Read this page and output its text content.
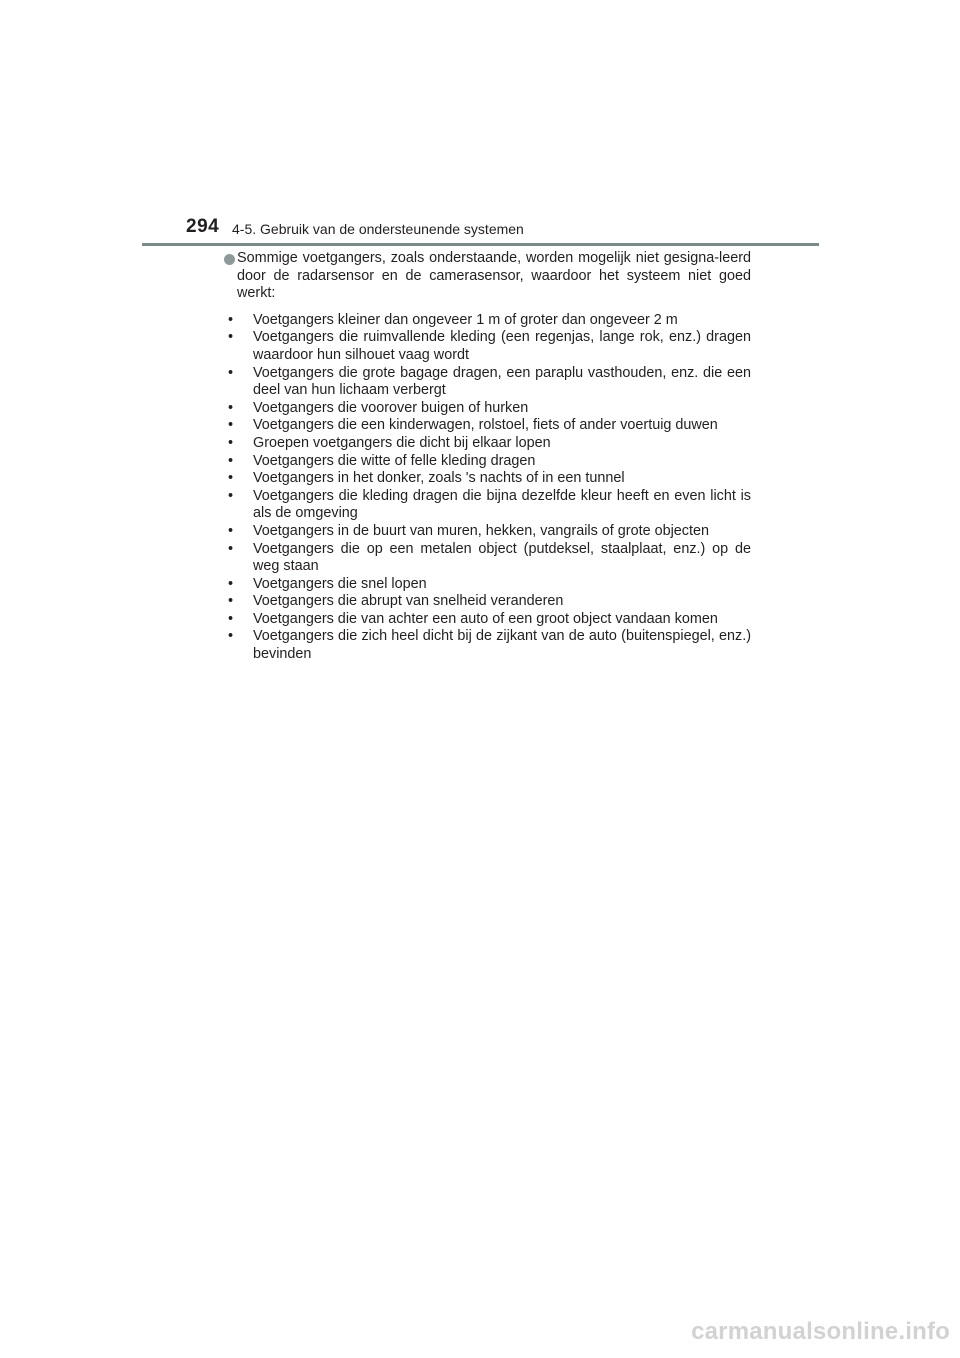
294 4-5. Gebruik van de ondersteunende systemen

Sommige voetgangers, zoals onderstaande, worden mogelijk niet gesigna-leerd door de radarsensor en de camerasensor, waardoor het systeem niet goed werkt:

• Voetgangers kleiner dan ongeveer 1 m of groter dan ongeveer 2 m
• Voetgangers die ruimvallende kleding (een regenjas, lange rok, enz.) dragen waardoor hun silhouet vaag wordt
• Voetgangers die grote bagage dragen, een paraplu vasthouden, enz. die een deel van hun lichaam verbergt
• Voetgangers die voorover buigen of hurken
• Voetgangers die een kinderwagen, rolstoel, fiets of ander voertuig duwen
• Groepen voetgangers die dicht bij elkaar lopen
• Voetgangers die witte of felle kleding dragen
• Voetgangers in het donker, zoals 's nachts of in een tunnel
• Voetgangers die kleding dragen die bijna dezelfde kleur heeft en even licht is als de omgeving
• Voetgangers in de buurt van muren, hekken, vangrails of grote objecten
• Voetgangers die op een metalen object (putdeksel, staalplaat, enz.) op de weg staan
• Voetgangers die snel lopen
• Voetgangers die abrupt van snelheid veranderen
• Voetgangers die van achter een auto of een groot object vandaan komen
• Voetgangers die zich heel dicht bij de zijkant van de auto (buitenspiegel, enz.) bevinden
carmanualsonline.info
